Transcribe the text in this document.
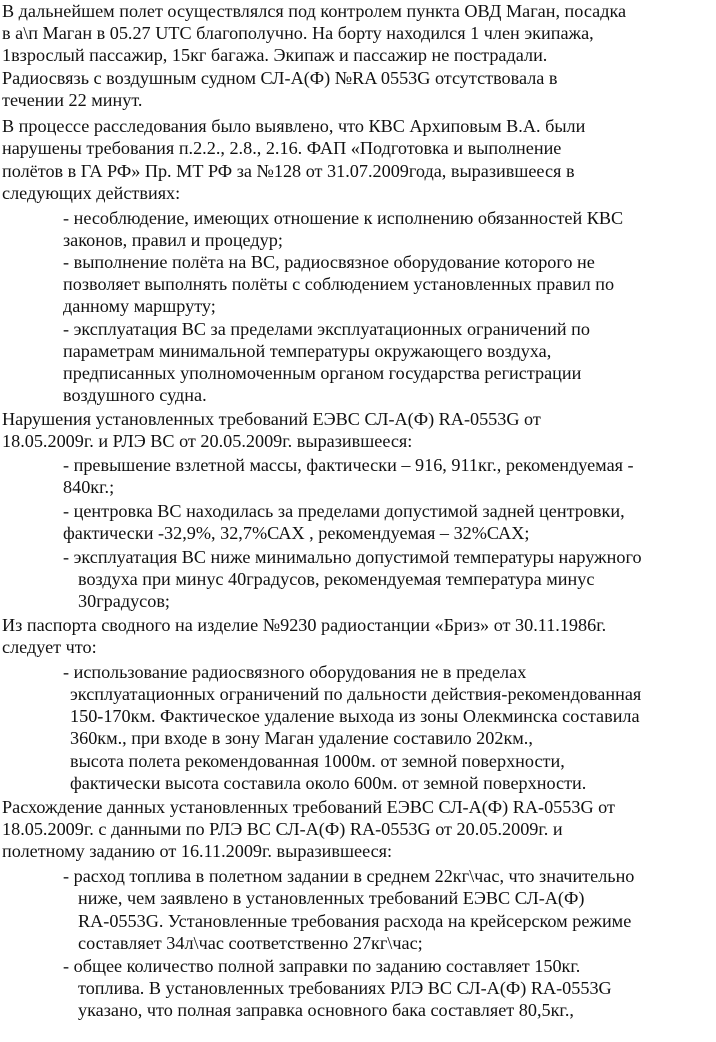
В дальнейшем полет осуществлялся под контролем пункта ОВД Маган, посадка
в а\п Маган в 05.27 UTC благополучно. На борту находился 1 член экипажа,
1взрослый пассажир, 15кг багажа. Экипаж и пассажир не пострадали.
Радиосвязь с воздушным судном СЛ-А(Ф) №RA 0553G отсутствовала в
течении 22 минут.
В процессе расследования было выявлено, что КВС Архиповым В.А. были
нарушены требования п.2.2., 2.8., 2.16. ФАП «Подготовка и выполнение
полётов в ГА РФ» Пр. МТ РФ за №128 от 31.07.2009года, выразившееся в
следующих действиях:
- несоблюдение, имеющих отношение к исполнению обязанностей КВС
законов, правил и процедур;
- выполнение полёта на ВС, радиосвязное оборудование которого не
позволяет выполнять полёты с соблюдением установленных правил по
данному маршруту;
- эксплуатация ВС за пределами эксплуатационных ограничений по
параметрам минимальной температуры окружающего воздуха,
предписанных уполномоченным органом государства регистрации
воздушного судна.
Нарушения установленных требований ЕЭВС СЛ-А(Ф) RA-0553G от
18.05.2009г. и РЛЭ ВС от 20.05.2009г. выразившееся:
- превышение взлетной массы, фактически – 916, 911кг., рекомендуемая -
840кг.;
- центровка ВС находилась за пределами допустимой задней центровки,
фактически -32,9%, 32,7%САХ , рекомендуемая – 32%САХ;
- эксплуатация ВС ниже минимально допустимой температуры наружного
воздуха при минус 40градусов, рекомендуемая температура минус
30градусов;
Из паспорта сводного на изделие №9230 радиостанции «Бриз» от 30.11.1986г.
следует что:
- использование радиосвязного оборудования не в пределах
эксплуатационных ограничений по дальности действия-рекомендованная
150-170км. Фактическое удаление выхода из зоны Олекминска составила
360км., при входе в зону Маган удаление составило 202км.,
высота полета рекомендованная 1000м. от земной поверхности,
фактически высота составила около 600м. от земной поверхности.
Расхождение данных установленных требований ЕЭВС СЛ-А(Ф) RA-0553G от
18.05.2009г. с данными по РЛЭ ВС СЛ-А(Ф) RA-0553G от 20.05.2009г. и
полетному заданию от 16.11.2009г. выразившееся:
- расход топлива в полетном задании в среднем 22кг\час, что значительно
ниже, чем заявлено в установленных требований ЕЭВС СЛ-А(Ф)
RA-0553G. Установленные требования расхода на крейсерском режиме
составляет 34л\час соответственно 27кг\час;
- общее количество полной заправки по заданию составляет 150кг.
топлива. В установленных требованиях РЛЭ ВС СЛ-А(Ф) RA-0553G
указано, что полная заправка основного бака составляет 80,5кг.,
